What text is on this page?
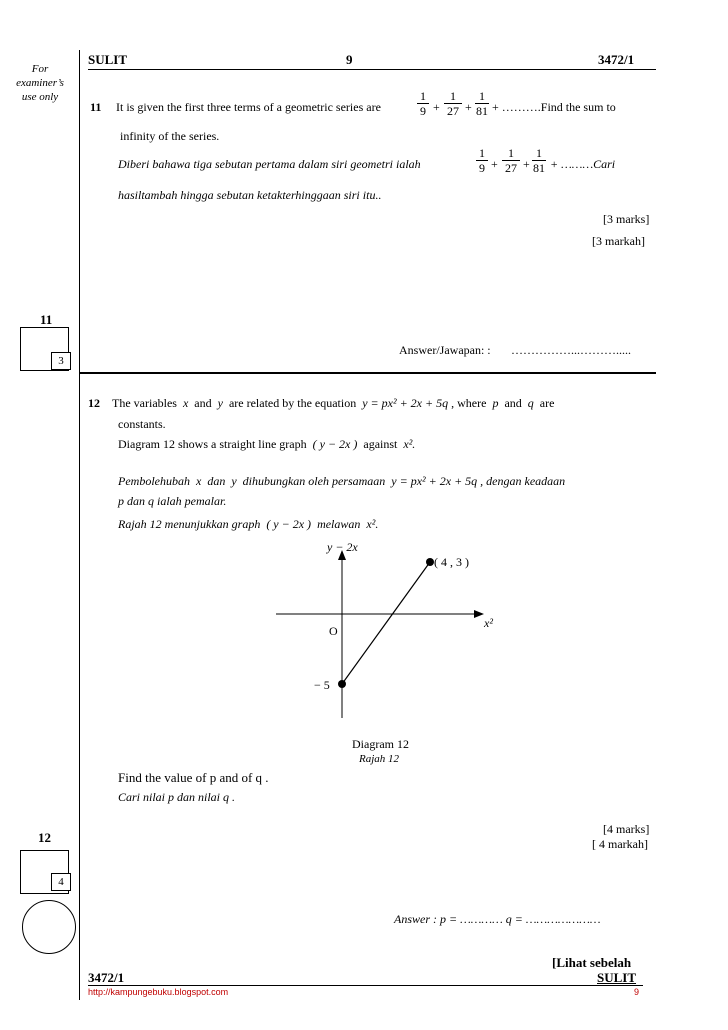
SULIT	9	3472/1
For
examiner’s
use only
11 It is given the first three terms of a geometric series are
1
9 +
1
27 +
1
81 + ……….Find the sum to
infinity of the series.
Diberi bahawa tiga sebutan pertama dalam siri geometri ialah
1
9 +
1
27 +
1
81 + ………Cari
hasiltambah hingga sebutan ketakterhinggaan siri itu..
[3 marks]
[3 markah]
11
3
Answer/Jawapan: : ……………...……….....
12 The variables x and y are related by the equation y = px² + 2x + 5q , where p and q are
constants.
Diagram 12 shows a straight line graph ( y − 2x ) against x².
Pembolehubah x dan y dihubungkan oleh persamaan y = px² + 2x + 5q , dengan keadaan
p dan q ialah pemalar.
Rajah 12 menunjukkan graph ( y − 2x ) melawan x².
y − 2x
x²
O
( 4 , 3 )
− 5
Diagram 12
Rajah 12
Find the value of p and of q .
Cari nilai p dan nilai q .
[4 marks]
[ 4 markah]
12
4
Answer : p = ………… q = …………………
[Lihat sebelah
3472/1	SULIT
http://kampungebuku.blogspot.com	9
